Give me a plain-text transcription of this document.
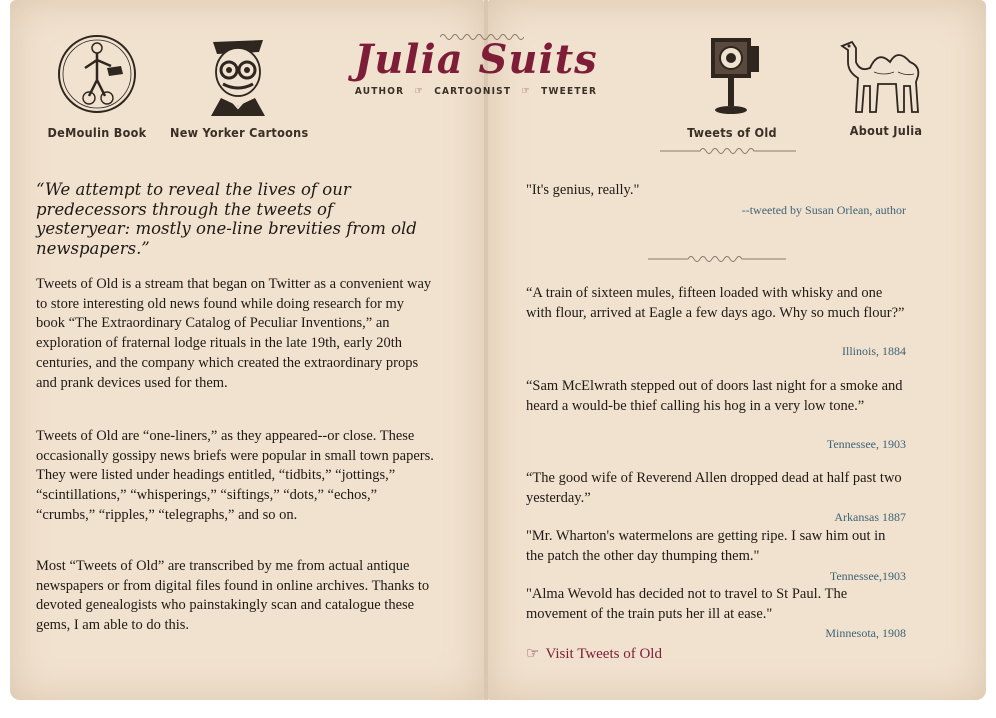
DeMoulin Book New Yorker Cartoons
Julia Suits
AUTHOR ☞ CARTOONIST ☞ TWEETER
Tweets of Old	About Julia
“We attempt to reveal the lives of our predecessors through the tweets of yesteryear: mostly one-line brevities from old newspapers.”
Tweets of Old is a stream that began on Twitter as a convenient way to store interesting old news found while doing research for my book “The Extraordinary Catalog of Peculiar Inventions,” an exploration of fraternal lodge rituals in the late 19th, early 20th centuries, and the company which created the extraordinary props and prank devices used for them.
Tweets of Old are “one-liners,” as they appeared--or close. These occasionally gossipy news briefs were popular in small town papers. They were listed under headings entitled, “tidbits,” “jottings,” “scintillations,” “whisperings,” “siftings,” “dots,” “echos,” “crumbs,” “ripples,” “telegraphs,” and so on.
Most “Tweets of Old” are transcribed by me from actual antique newspapers or from digital files found in online archives. Thanks to devoted genealogists who painstakingly scan and catalogue these gems, I am able to do this.
"It's genius, really."
--tweeted by Susan Orlean, author
“A train of sixteen mules, fifteen loaded with whisky and one with flour, arrived at Eagle a few days ago. Why so much flour?”
Illinois, 1884
“Sam McElwrath stepped out of doors last night for a smoke and heard a would-be thief calling his hog in a very low tone.”
Tennessee, 1903
“The good wife of Reverend Allen dropped dead at half past two yesterday.”
Arkansas 1887
"Mr. Wharton's watermelons are getting ripe. I saw him out in the patch the other day thumping them."
Tennessee,1903
"Alma Wevold has decided not to travel to St Paul. The movement of the train puts her ill at ease."
Minnesota, 1908
☞ Visit Tweets of Old
